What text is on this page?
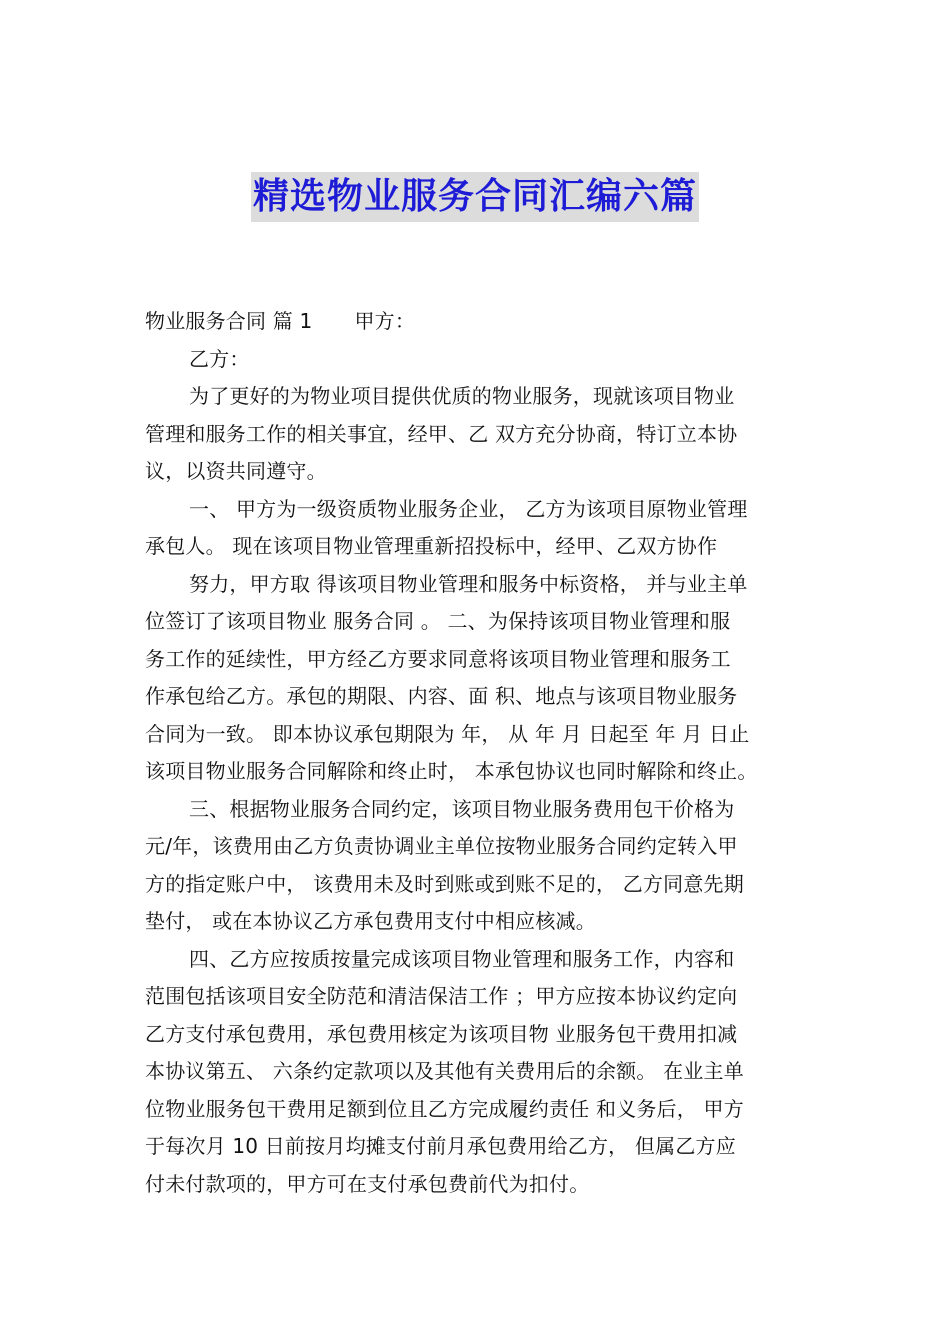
精选物业服务合同汇编六篇
物业服务合同 篇 1 甲方：
乙方：
为了更好的为物业项目提供优质的物业服务，现就该项目物业
管理和服务工作的相关事宜，经甲、乙 双方充分协商，特订立本协
议，以资共同遵守。
一、 甲方为一级资质物业服务企业， 乙方为该项目原物业管理
承包人。 现在该项目物业管理重新招投标中，经甲、乙双方协作
努力，甲方取 得该项目物业管理和服务中标资格， 并与业主单
位签订了该项目物业 服务合同 。 二、为保持该项目物业管理和服
务工作的延续性，甲方经乙方要求同意将该项目物业管理和服务工
作承包给乙方。承包的期限、内容、面 积、地点与该项目物业服务
合同为一致。 即本协议承包期限为 年， 从 年 月 日起至 年 月 日止
该项目物业服务合同解除和终止时， 本承包协议也同时解除和终止。
三、根据物业服务合同约定，该项目物业服务费用包干价格为
元/年，该费用由乙方负责协调业主单位按物业服务合同约定转入甲
方的指定账户中， 该费用未及时到账或到账不足的， 乙方同意先期
垫付， 或在本协议乙方承包费用支付中相应核减。
四、乙方应按质按量完成该项目物业管理和服务工作，内容和
范围包括该项目安全防范和清洁保洁工作 ；甲方应按本协议约定向
乙方支付承包费用，承包费用核定为该项目物 业服务包干费用扣减
本协议第五、 六条约定款项以及其他有关费用后的余额。 在业主单
位物业服务包干费用足额到位且乙方完成履约责任 和义务后， 甲方
于每次月 10 日前按月均摊支付前月承包费用给乙方， 但属乙方应
付未付款项的，甲方可在支付承包费前代为扣付。
